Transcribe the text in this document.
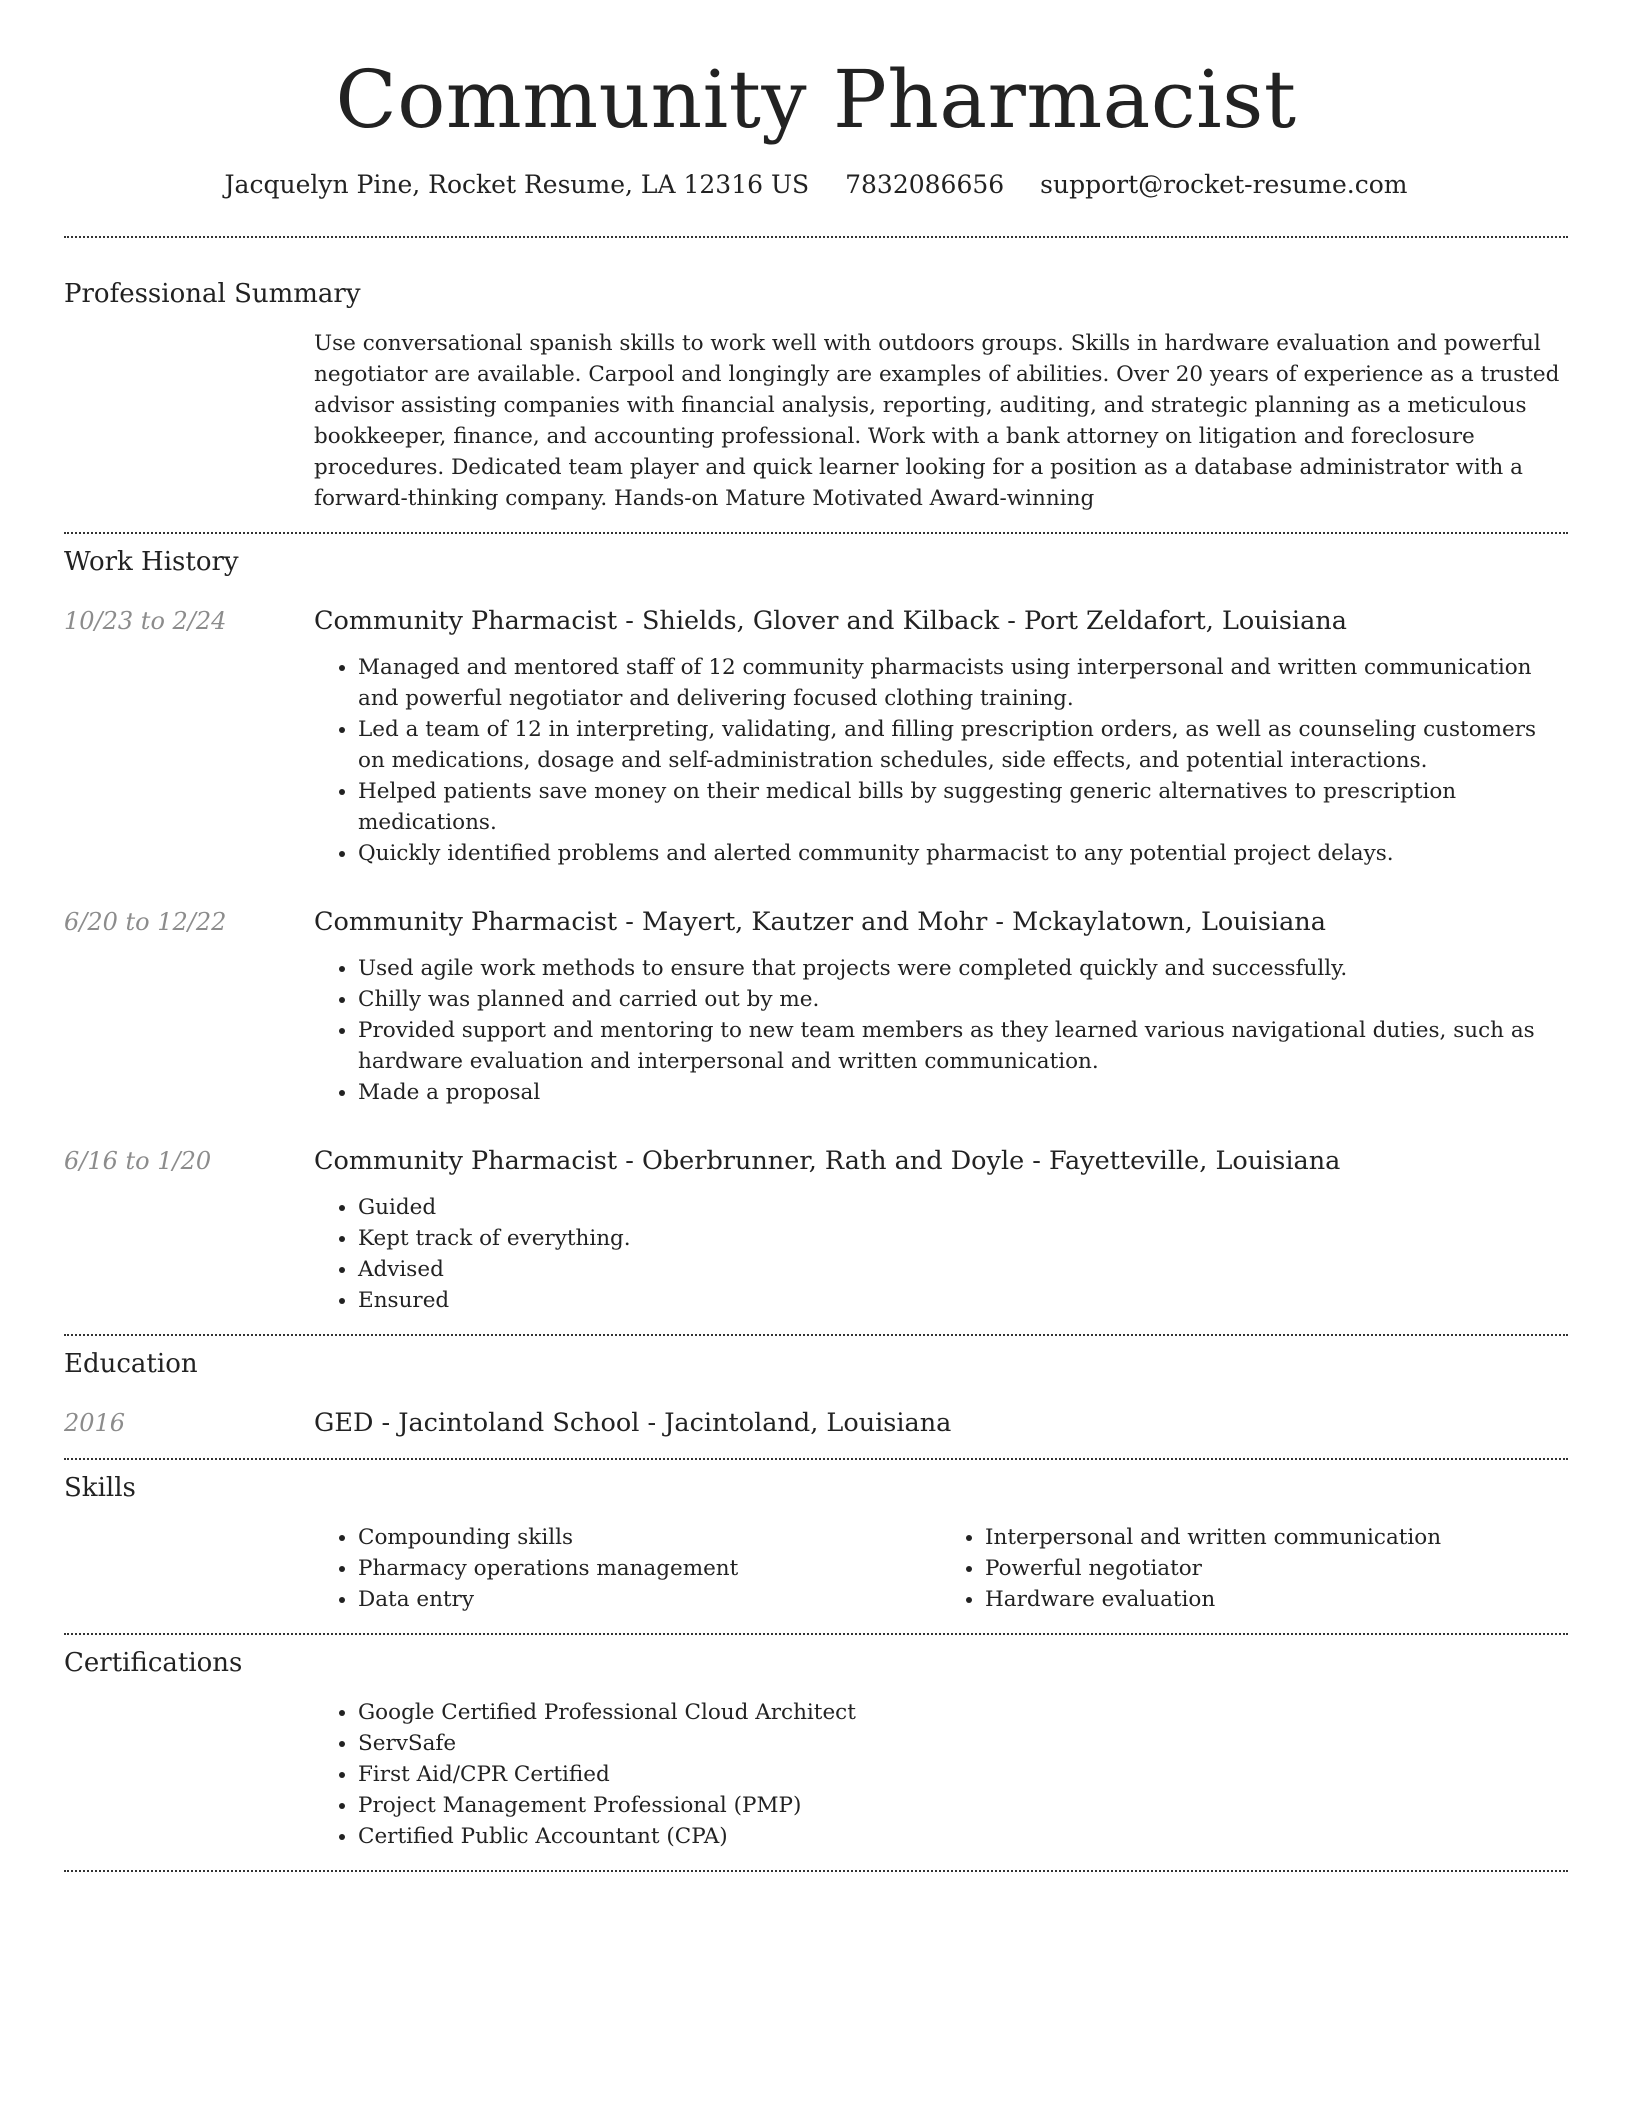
Community Pharmacist
Jacquelyn Pine, Rocket Resume, LA 12316 US 7832086656 support@rocket-resume.com
Professional Summary

Use conversational spanish skills to work well with outdoors groups. Skills in hardware evaluation and powerful negotiator are available. Carpool and longingly are examples of abilities. Over 20 years of experience as a trusted advisor assisting companies with financial analysis, reporting, auditing, and strategic planning as a meticulous bookkeeper, finance, and accounting professional. Work with a bank attorney on litigation and foreclosure procedures. Dedicated team player and quick learner looking for a position as a database administrator with a forward-thinking company. Hands-on Mature Motivated Award-winning

Work History
10/23 to 2/24	Community Pharmacist - Shields, Glover and Kilback - Port Zeldafort, Louisiana
• Managed and mentored staff of 12 community pharmacists using interpersonal and written communication and powerful negotiator and delivering focused clothing training.
• Led a team of 12 in interpreting, validating, and filling prescription orders, as well as counseling customers on medications, dosage and self-administration schedules, side effects, and potential interactions.
• Helped patients save money on their medical bills by suggesting generic alternatives to prescription medications.
• Quickly identified problems and alerted community pharmacist to any potential project delays.
6/20 to 12/22	Community Pharmacist - Mayert, Kautzer and Mohr - Mckaylatown, Louisiana
• Used agile work methods to ensure that projects were completed quickly and successfully.
• Chilly was planned and carried out by me.
• Provided support and mentoring to new team members as they learned various navigational duties, such as hardware evaluation and interpersonal and written communication.
• Made a proposal
6/16 to 1/20	Community Pharmacist - Oberbrunner, Rath and Doyle - Fayetteville, Louisiana
• Guided
• Kept track of everything.
• Advised
• Ensured
Education
2016	GED - Jacintoland School - Jacintoland, Louisiana
Skills
• Compounding skills
• Pharmacy operations management
• Data entry
• Interpersonal and written communication
• Powerful negotiator
• Hardware evaluation
Certifications
• Google Certified Professional Cloud Architect
• ServSafe
• First Aid/CPR Certified
• Project Management Professional (PMP)
• Certified Public Accountant (CPA)
